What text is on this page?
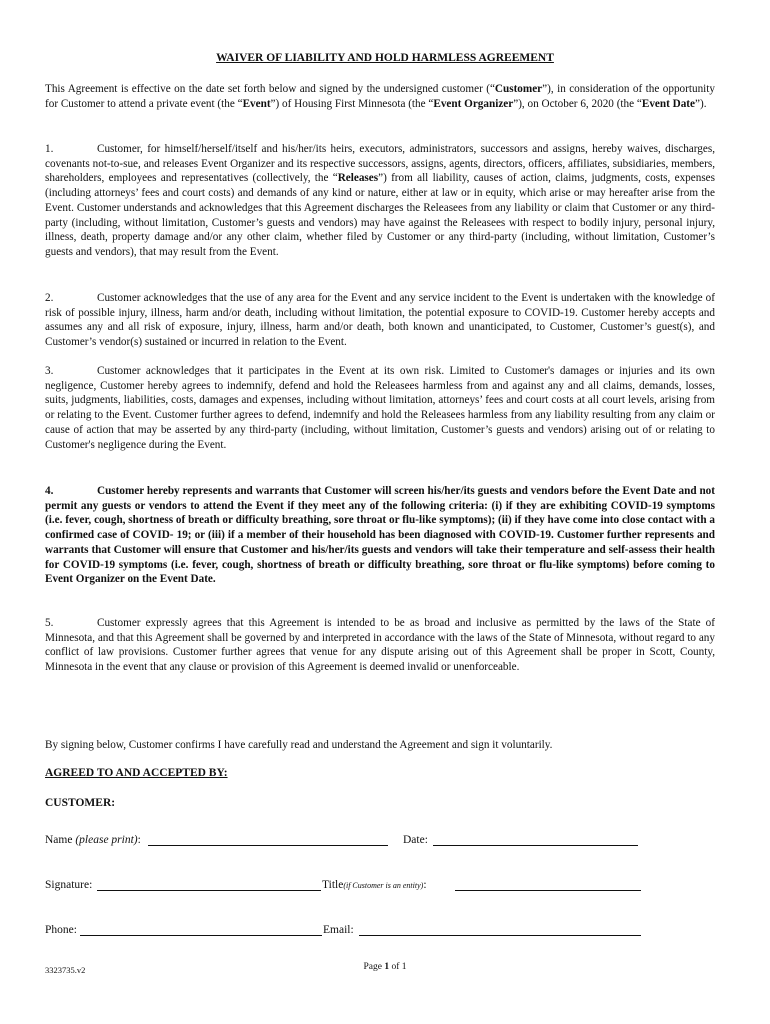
WAIVER OF LIABILITY AND HOLD HARMLESS AGREEMENT

This Agreement is effective on the date set forth below and signed by the undersigned customer (“Customer”), in consideration of the opportunity for Customer to attend a private event (the “Event”) of Housing First Minnesota (the “Event Organizer”), on October 6, 2020 (the “Event Date”).

1.	Customer, for himself/herself/itself and his/her/its heirs, executors, administrators, successors and assigns, hereby waives, discharges, covenants not-to-sue, and releases Event Organizer and its respective successors, assigns, agents, directors, officers, affiliates, subsidiaries, members, shareholders, employees and representatives (collectively, the “Releases”) from all liability, causes of action, claims, judgments, costs, expenses (including attorneys’ fees and court costs) and demands of any kind or nature, either at law or in equity, which arise or may hereafter arise from the Event. Customer understands and acknowledges that this Agreement discharges the Releasees from any liability or claim that Customer or any third-party (including, without limitation, Customer’s guests and vendors) may have against the Releasees with respect to bodily injury, personal injury, illness, death, property damage and/or any other claim, whether filed by Customer or any third-party (including, without limitation, Customer’s guests and vendors), that may result from the Event.

2.	Customer acknowledges that the use of any area for the Event and any service incident to the Event is undertaken with the knowledge of risk of possible injury, illness, harm and/or death, including without limitation, the potential exposure to COVID-19. Customer hereby accepts and assumes any and all risk of exposure, injury, illness, harm and/or death, both known and unanticipated, to Customer, Customer’s guest(s), and Customer’s vendor(s) sustained or incurred in relation to the Event.

3.	Customer acknowledges that it participates in the Event at its own risk. Limited to Customer's damages or injuries and its own negligence, Customer hereby agrees to indemnify, defend and hold the Releasees harmless from and against any and all claims, demands, losses, suits, judgments, liabilities, costs, damages and expenses, including without limitation, attorneys’ fees and court costs at all court levels, arising from or relating to the Event. Customer further agrees to defend, indemnify and hold the Releasees harmless from any liability resulting from any claim or cause of action that may be asserted by any third-party (including, without limitation, Customer’s guests and vendors) arising out of or relating to Customer's negligence during the Event.

4.	Customer hereby represents and warrants that Customer will screen his/her/its guests and vendors before the Event Date and not permit any guests or vendors to attend the Event if they meet any of the following criteria: (i) if they are exhibiting COVID-19 symptoms (i.e. fever, cough, shortness of breath or difficulty breathing, sore throat or flu-like symptoms); (ii) if they have come into close contact with a confirmed case of COVID- 19; or (iii) if a member of their household has been diagnosed with COVID-19. Customer further represents and warrants that Customer will ensure that Customer and his/her/its guests and vendors will take their temperature and self-assess their health for COVID-19 symptoms (i.e. fever, cough, shortness of breath or difficulty breathing, sore throat or flu-like symptoms) before coming to Event Organizer on the Event Date.

5.	Customer expressly agrees that this Agreement is intended to be as broad and inclusive as permitted by the laws of the State of Minnesota, and that this Agreement shall be governed by and interpreted in accordance with the laws of the State of Minnesota, without regard to any conflict of law provisions. Customer further agrees that venue for any dispute arising out of this Agreement shall be proper in Scott, County, Minnesota in the event that any clause or provision of this Agreement is deemed invalid or unenforceable.

By signing below, Customer confirms I have carefully read and understand the Agreement and sign it voluntarily.

AGREED TO AND ACCEPTED BY:
CUSTOMER:
Name (please print):	Date:
Signature:	Title(if Customer is an entity):
Phone:	Email:
3323735.v2	Page 1 of 1
